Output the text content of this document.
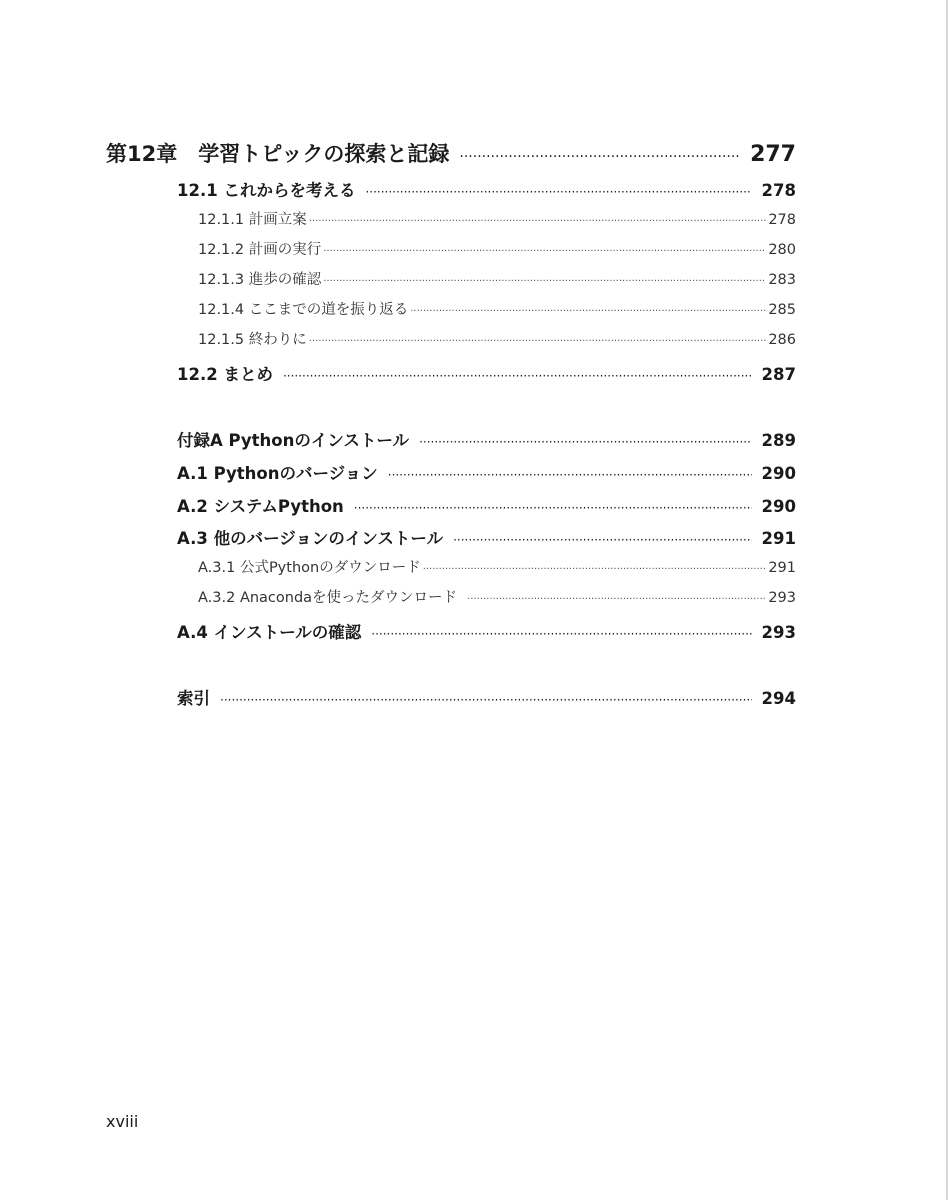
第12章　学習トピックの探索と記録 ·····	277
12.1 これからを考える ·····	278
12.1.1 計画立案 ·····	278
12.1.2 計画の実行 ·····	280
12.1.3 進歩の確認 ·····	283
12.1.4 ここまでの道を振り返る ·····	285
12.1.5 終わりに ·····	286
12.2 まとめ ·····	287
付録A Pythonのインストール ·····	289
A.1 Pythonのバージョン ·····	290
A.2 システムPython ·····	290
A.3 他のバージョンのインストール ·····	291
A.3.1 公式Pythonのダウンロード ·····	291
A.3.2 Anacondaを使ったダウンロード ·····	293
A.4 インストールの確認 ·····	293
索引 ·····	294
xviii
